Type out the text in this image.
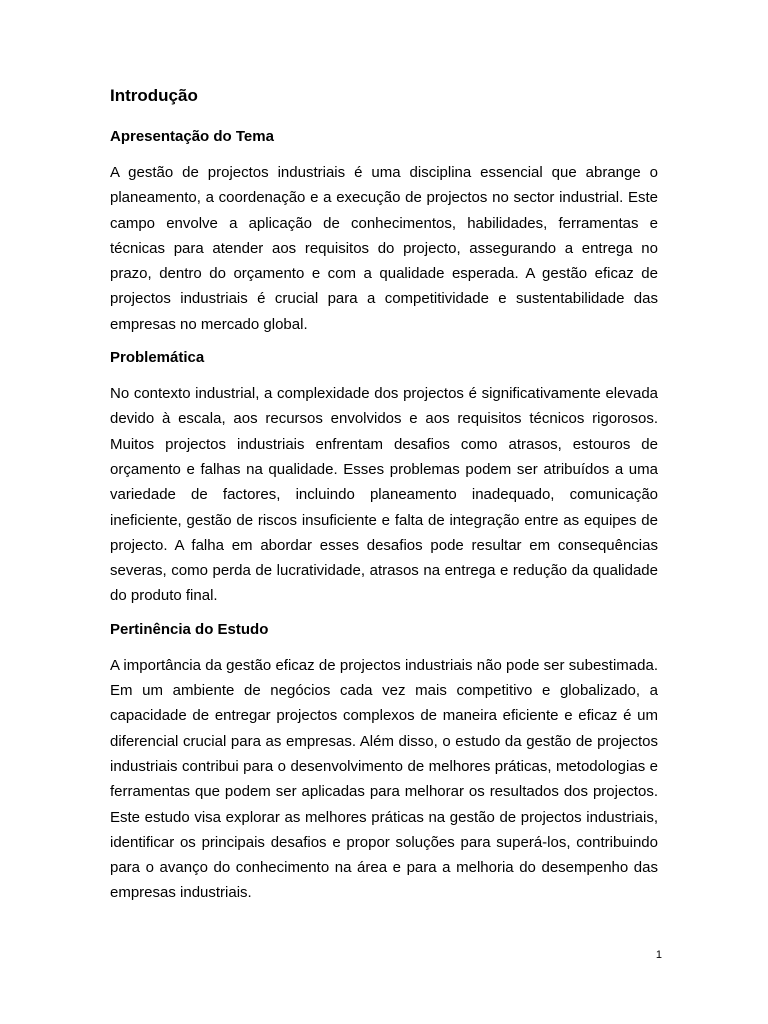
Introdução
Apresentação do Tema

A gestão de projectos industriais é uma disciplina essencial que abrange o planeamento, a coordenação e a execução de projectos no sector industrial. Este campo envolve a aplicação de conhecimentos, habilidades, ferramentas e técnicas para atender aos requisitos do projecto, assegurando a entrega no prazo, dentro do orçamento e com a qualidade esperada. A gestão eficaz de projectos industriais é crucial para a competitividade e sustentabilidade das empresas no mercado global.

Problemática

No contexto industrial, a complexidade dos projectos é significativamente elevada devido à escala, aos recursos envolvidos e aos requisitos técnicos rigorosos. Muitos projectos industriais enfrentam desafios como atrasos, estouros de orçamento e falhas na qualidade. Esses problemas podem ser atribuídos a uma variedade de factores, incluindo planeamento inadequado, comunicação ineficiente, gestão de riscos insuficiente e falta de integração entre as equipes de projecto. A falha em abordar esses desafios pode resultar em consequências severas, como perda de lucratividade, atrasos na entrega e redução da qualidade do produto final.

Pertinência do Estudo

A importância da gestão eficaz de projectos industriais não pode ser subestimada. Em um ambiente de negócios cada vez mais competitivo e globalizado, a capacidade de entregar projectos complexos de maneira eficiente e eficaz é um diferencial crucial para as empresas. Além disso, o estudo da gestão de projectos industriais contribui para o desenvolvimento de melhores práticas, metodologias e ferramentas que podem ser aplicadas para melhorar os resultados dos projectos. Este estudo visa explorar as melhores práticas na gestão de projectos industriais, identificar os principais desafios e propor soluções para superá-los, contribuindo para o avanço do conhecimento na área e para a melhoria do desempenho das empresas industriais.

1
